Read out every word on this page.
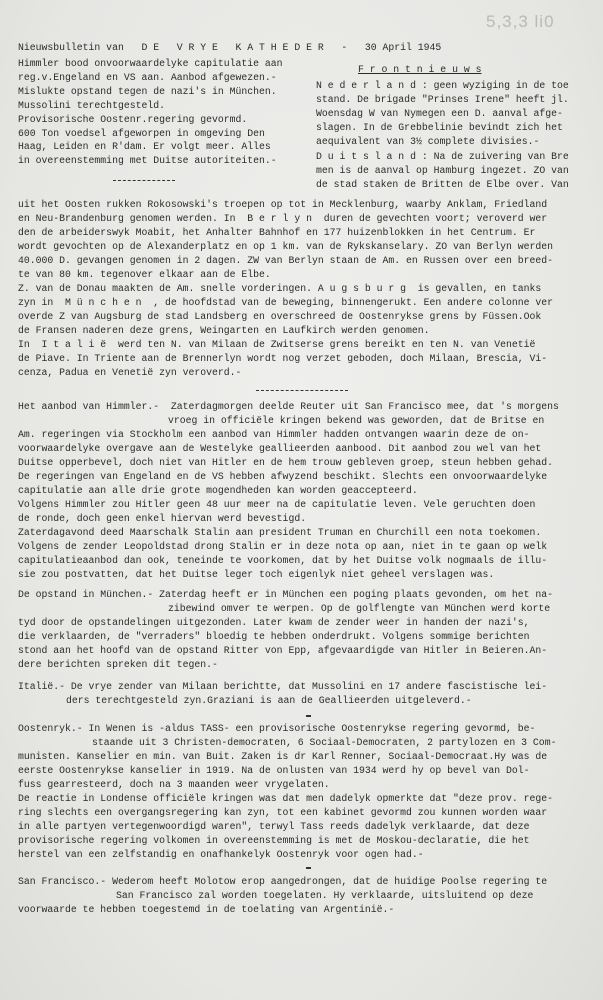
5,3,3 li0
Nieuwsbulletin van   D E   V R Y E   K A T H E D E R   -   30 April 1945
F r o n t n i e u w s
Himmler bood onvoorwaardelyke capitulatie aan
reg.v.Engeland en VS aan. Aanbod afgewezen.-
Mislukte opstand tegen de nazi's in München.
Mussolini terechtgesteld.
Provisorische Oostenr.regering gevormd.
600 Ton voedsel afgeworpen in omgeving Den
Haag, Leiden en R'dam. Er volgt meer. Alles
in overeenstemming met Duitse autoriteiten.-
N e d e r l a n d : geen wyziging in de toe
stand. De brigade "Prinses Irene" heeft jl.
Woensdag W van Nymegen een D. aanval afge-
slagen. In de Grebbelinie bevindt zich het
aequivalent van 3½ complete divisies.-
D u i t s l a n d : Na de zuivering van Bre
men is de aanval op Hamburg ingezet. ZO van
de stad staken de Britten de Elbe over. Van
uit het Oosten rukken Rokosowski's troepen op tot in Mecklenburg, waarby Anklam, Friedland
en Neu-Brandenburg genomen werden. In  B e r l y n  duren de gevechten voort; veroverd wer
den de arbeiderswyk Moabit, het Anhalter Bahnhof en 177 huizenblokken in het Centrum. Er
wordt gevochten op de Alexanderplatz en op 1 km. van de Rykskanselary. ZO van Berlyn werden
40.000 D. gevangen genomen in 2 dagen. ZW van Berlyn staan de Am. en Russen over een breed-
te van 80 km. tegenover elkaar aan de Elbe.
Z. van de Donau maakten de Am. snelle vorderingen. A u g s b u r g  is gevallen, en tanks
zyn in  M ü n c h e n  , de hoofdstad van de beweging, binnengerukt. Een andere colonne ver
overde Z van Augsburg de stad Landsberg en overschreed de Oostenrykse grens by Füssen.Ook
de Fransen naderen deze grens, Weingarten en Laufkirch werden genomen.
In  I t a l i ë  werd ten N. van Milaan de Zwitserse grens bereikt en ten N. van Venetië
de Piave. In Triente aan de Brennerlyn wordt nog verzet geboden, doch Milaan, Brescia, Vi-
cenza, Padua en Venetië zyn veroverd.-
Het aanbod van Himmler.-  Zaterdagmorgen deelde Reuter uit San Francisco mee, dat 's morgens
vroeg in officiële kringen bekend was geworden, dat de Britse en
Am. regeringen via Stockholm een aanbod van Himmler hadden ontvangen waarin deze de on-
voorwaardelyke overgave aan de Westelyke geallieerden aanbood. Dit aanbod zou wel van het
Duitse opperbevel, doch niet van Hitler en de hem trouw gebleven groep, steun hebben gehad.
De regeringen van Engeland en de VS hebben afwyzend beschikt. Slechts een onvoorwaardelyke
capitulatie aan alle drie grote mogendheden kan worden geaccepteerd.
Volgens Himmler zou Hitler geen 48 uur meer na de capitulatie leven. Vele geruchten doen
de ronde, doch geen enkel hiervan werd bevestigd.
Zaterdagavond deed Maarschalk Stalin aan president Truman en Churchill een nota toekomen.
Volgens de zender Leopoldstad drong Stalin er in deze nota op aan, niet in te gaan op welk
capitulatieaanbod dan ook, teneinde te voorkomen, dat by het Duitse volk nogmaals de illu-
sie zou postvatten, dat het Duitse leger toch eigenlyk niet geheel verslagen was.
De opstand in München.- Zaterdag heeft er in München een poging plaats gevonden, om het na-
zibewind omver te werpen. Op de golflengte van München werd korte
tyd door de opstandelingen uitgezonden. Later kwam de zender weer in handen der nazi's,
die verklaarden, de "verraders" bloedig te hebben onderdrukt. Volgens sommige berichten
stond aan het hoofd van de opstand Ritter von Epp, afgevaardigde van Hitler in Beieren.An-
dere berichten spreken dit tegen.-
Italië.- De vrye zender van Milaan berichtte, dat Mussolini en 17 andere fascistische lei-
ders terechtgesteld zyn.Graziani is aan de Geallieerden uitgeleverd.-
Oostenryk.- In Wenen is -aldus TASS- een provisorische Oostenrykse regering gevormd, be-
staande uit 3 Christen-democraten, 6 Sociaal-Democraten, 2 partylozen en 3 Com-
munisten. Kanselier en min. van Buit. Zaken is dr Karl Renner, Sociaal-Democraat.Hy was de
eerste Oostenrykse kanselier in 1919. Na de onlusten van 1934 werd hy op bevel van Dol-
fuss gearresteerd, doch na 3 maanden weer vrygelaten.
De reactie in Londense officiële kringen was dat men dadelyk opmerkte dat "deze prov. rege-
ring slechts een overgangsregering kan zyn, tot een kabinet gevormd zou kunnen worden waar
in alle partyen vertegenwoordigd waren", terwyl Tass reeds dadelyk verklaarde, dat deze
provisorische regering volkomen in overeenstemming is met de Moskou-declaratie, die het
herstel van een zelfstandig en onafhankelyk Oostenryk voor ogen had.-
San Francisco.- Wederom heeft Molotow erop aangedrongen, dat de huidige Poolse regering te
San Francisco zal worden toegelaten. Hy verklaarde, uitsluitend op deze
voorwaarde te hebben toegestemd in de toelating van Argentinië.-
